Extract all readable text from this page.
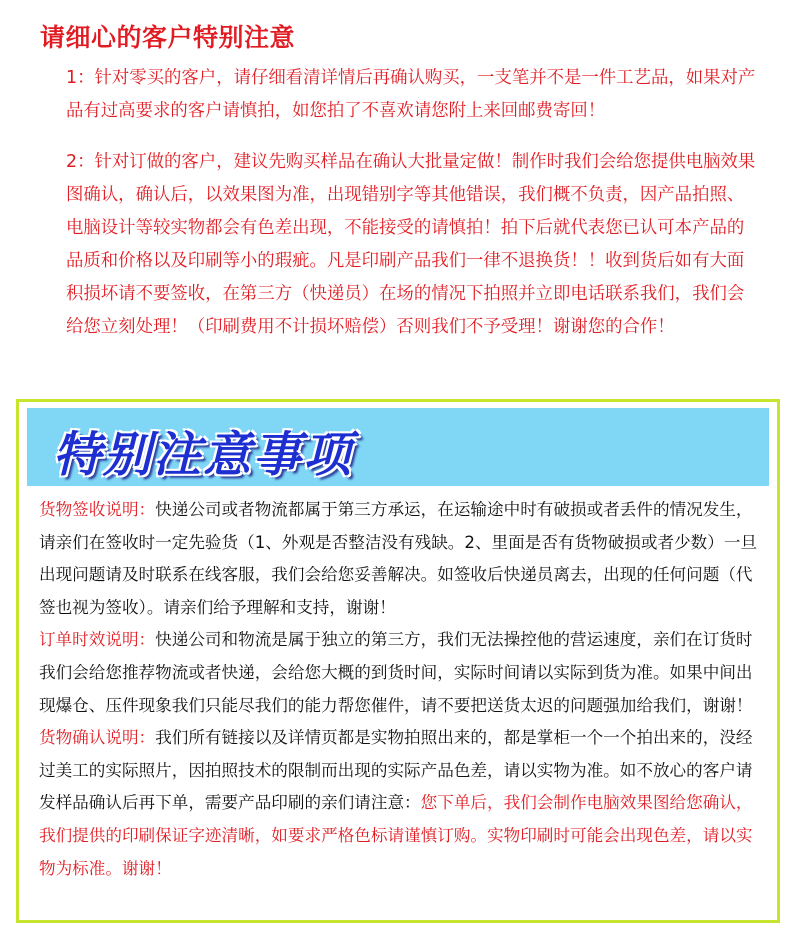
请细心的客户特别注意

1：针对零买的客户，请仔细看清详情后再确认购买，一支笔并不是一件工艺品，如果对产品有过高要求的客户请慎拍，如您拍了不喜欢请您附上来回邮费寄回！

2：针对订做的客户，建议先购买样品在确认大批量定做！制作时我们会给您提供电脑效果图确认，确认后，以效果图为准，出现错别字等其他错误，我们概不负责，因产品拍照、电脑设计等较实物都会有色差出现，不能接受的请慎拍！拍下后就代表您已认可本产品的品质和价格以及印刷等小的瑕疵。凡是印刷产品我们一律不退换货！！收到货后如有大面积损坏请不要签收，在第三方（快递员）在场的情况下拍照并立即电话联系我们，我们会给您立刻处理！（印刷费用不计损坏赔偿）否则我们不予受理！谢谢您的合作！

特别注意事项

货物签收说明：快递公司或者物流都属于第三方承运，在运输途中时有破损或者丢件的情况发生，请亲们在签收时一定先验货（1、外观是否整洁没有残缺。2、里面是否有货物破损或者少数）一旦出现问题请及时联系在线客服，我们会给您妥善解决。如签收后快递员离去，出现的任何问题（代签也视为签收）。请亲们给予理解和支持，谢谢！
订单时效说明：快递公司和物流是属于独立的第三方，我们无法操控他的营运速度，亲们在订货时我们会给您推荐物流或者快递，会给您大概的到货时间，实际时间请以实际到货为准。如果中间出现爆仓、压件现象我们只能尽我们的能力帮您催件，请不要把送货太迟的问题强加给我们，谢谢！
货物确认说明：我们所有链接以及详情页都是实物拍照出来的，都是掌柜一个一个拍出来的，没经过美工的实际照片，因拍照技术的限制而出现的实际产品色差，请以实物为准。如不放心的客户请发样品确认后再下单，需要产品印刷的亲们请注意：您下单后，我们会制作电脑效果图给您确认，我们提供的印刷保证字迹清晰，如要求严格色标请谨慎订购。实物印刷时可能会出现色差，请以实物为标准。谢谢！
